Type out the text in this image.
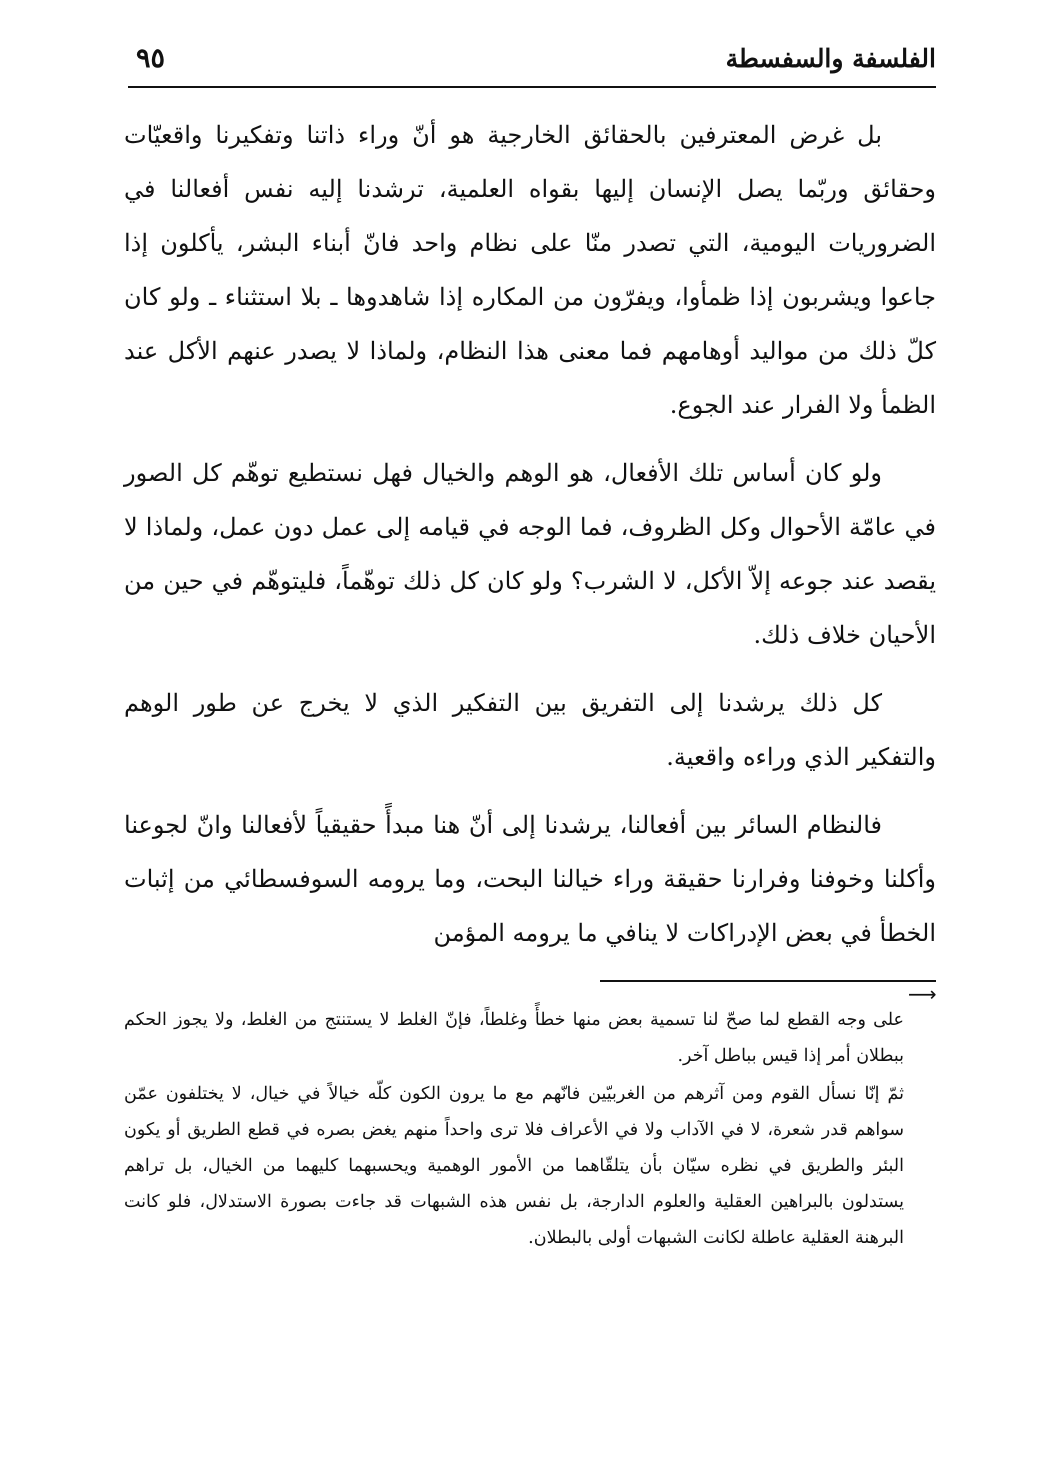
الفلسفة والسفسطة
٩٥

بل غرض المعترفين بالحقائق الخارجية هو أنّ وراء ذاتنا وتفكيرنا واقعيّات وحقائق وربّما يصل الإنسان إليها بقواه العلمية، ترشدنا إليه نفس أفعالنا في الضروريات اليومية، التي تصدر منّا على نظام واحد فانّ أبناء البشر، يأكلون إذا جاعوا ويشربون إذا ظمأوا، ويفرّون من المكاره إذا شاهدوها ـ بلا استثناء ـ ولو كان كلّ ذلك من مواليد أوهامهم فما معنى هذا النظام، ولماذا لا يصدر عنهم الأكل عند الظمأ ولا الفرار عند الجوع.

ولو كان أساس تلك الأفعال، هو الوهم والخيال فهل نستطيع توهّم كل الصور في عامّة الأحوال وكل الظروف، فما الوجه في قيامه إلى عمل دون عمل، ولماذا لا يقصد عند جوعه إلاّ الأكل، لا الشرب؟ ولو كان كل ذلك توهّماً، فليتوهّم في حين من الأحيان خلاف ذلك.

كل ذلك يرشدنا إلى التفريق بين التفكير الذي لا يخرج عن طور الوهم والتفكير الذي وراءه واقعية.

فالنظام السائر بين أفعالنا، يرشدنا إلى أنّ هنا مبدأً حقيقياً لأفعالنا وانّ لجوعنا وأكلنا وخوفنا وفرارنا حقيقة وراء خيالنا البحت، وما يرومه السوفسطائي من إثبات الخطأ في بعض الإدراكات لا ينافي ما يرومه المؤمن

⟶

على وجه القطع لما صحّ لنا تسمية بعض منها خطأً وغلطاً، فإنّ الغلط لا يستنتج من الغلط، ولا يجوز الحكم ببطلان أمر إذا قيس بباطل آخر.

ثمّ إنّا نسأل القوم ومن آثرهم من الغربيّين فانّهم مع ما يرون الكون كلّه خيالاً في خيال، لا يختلفون عمّن سواهم قدر شعرة، لا في الآداب ولا في الأعراف فلا ترى واحداً منهم يغض بصره في قطع الطريق أو يكون البئر والطريق في نظره سيّان بأن يتلقّاهما من الأمور الوهمية ويحسبهما كليهما من الخيال، بل تراهم يستدلون بالبراهين العقلية والعلوم الدارجة، بل نفس هذه الشبهات قد جاءت بصورة الاستدلال، فلو كانت البرهنة العقلية عاطلة لكانت الشبهات أولى بالبطلان.
